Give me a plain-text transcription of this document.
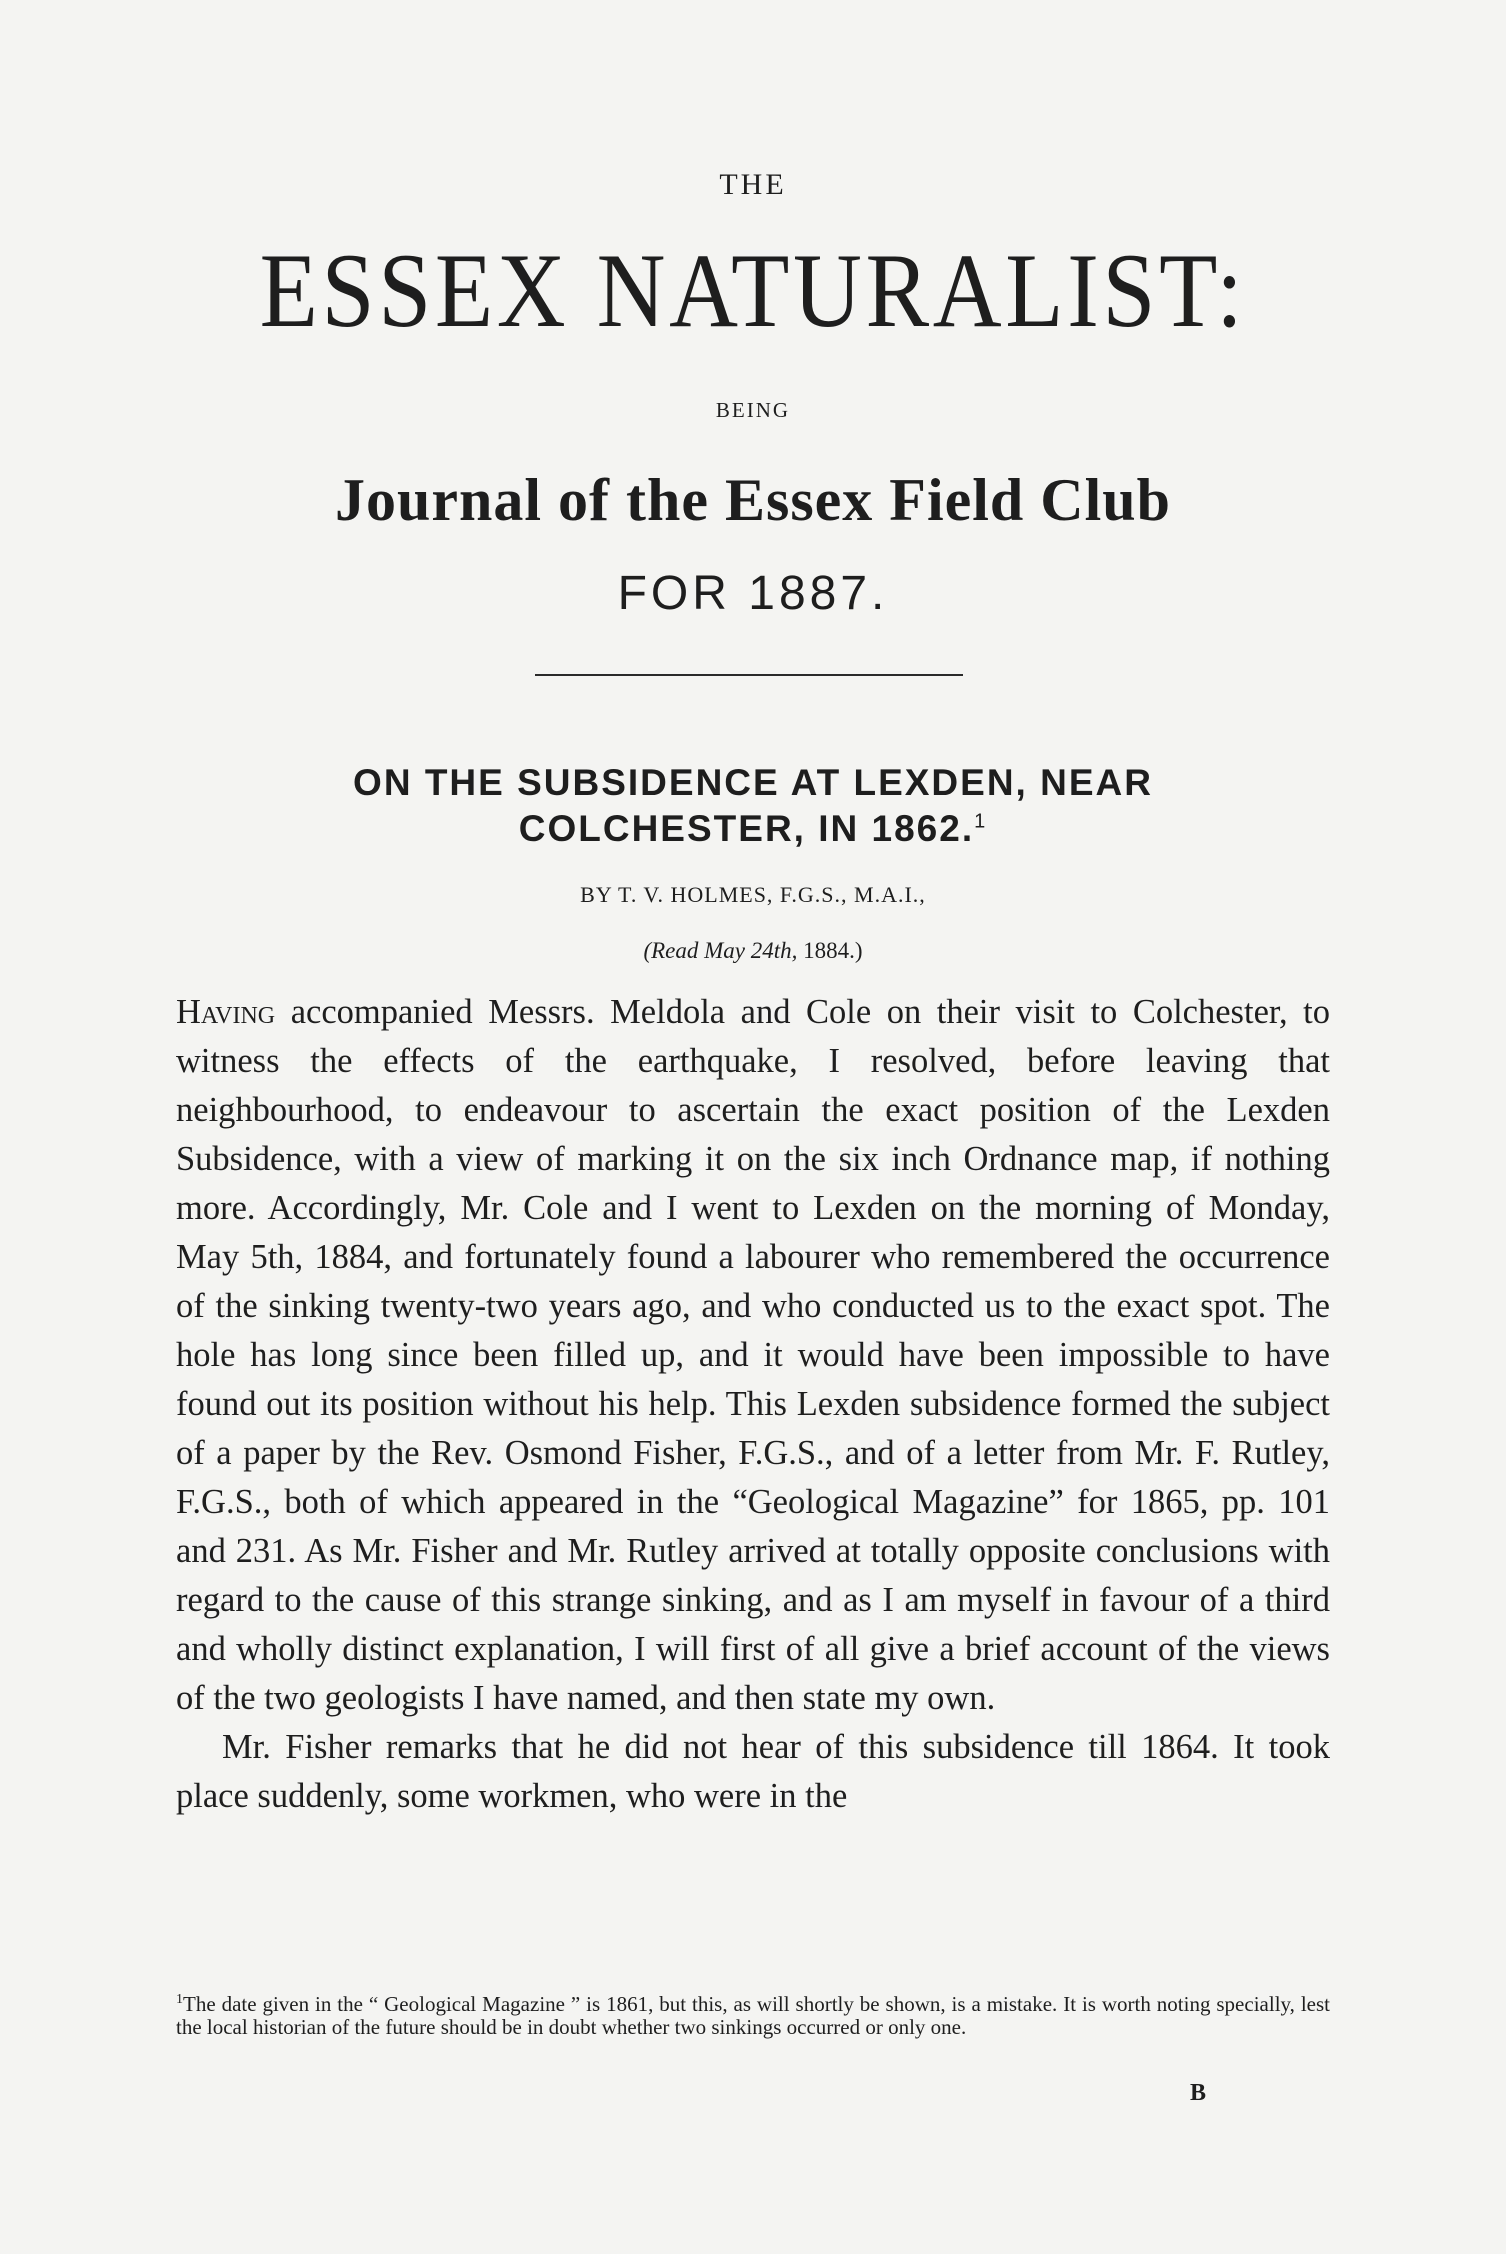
THE
ESSEX NATURALIST:
BEING
Journal of the Essex Field Club
FOR 1887.
ON THE SUBSIDENCE AT LEXDEN, NEAR
COLCHESTER, IN 1862.$^1$
BY T. V. HOLMES, F.G.S., M.A.I.,
(Read May 24th, 1884.)

Having accompanied Messrs. Meldola and Cole on their visit to Colchester, to witness the effects of the earthquake, I resolved, before leaving that neighbourhood, to endeavour to ascertain the exact position of the Lexden Subsidence, with a view of marking it on the six inch Ordnance map, if nothing more. Accordingly, Mr. Cole and I went to Lexden on the morning of Monday, May 5th, 1884, and fortunately found a labourer who remembered the occurrence of the sinking twenty-two years ago, and who conducted us to the exact spot. The hole has long since been filled up, and it would have been impossible to have found out its position without his help. This Lexden subsidence formed the subject of a paper by the Rev. Osmond Fisher, F.G.S., and of a letter from Mr. F. Rutley, F.G.S., both of which appeared in the “Geological Magazine” for 1865, pp. 101 and 231. As Mr. Fisher and Mr. Rutley arrived at totally opposite conclusions with regard to the cause of this strange sinking, and as I am myself in favour of a third and wholly distinct explanation, I will first of all give a brief account of the views of the two geologists I have named, and then state my own.

Mr. Fisher remarks that he did not hear of this subsidence till 1864. It took place suddenly, some workmen, who were in the

$^1$The date given in the “ Geological Magazine ” is 1861, but this, as will shortly be shown, is a mistake. It is worth noting specially, lest the local historian of the future should be in doubt whether two sinkings occurred or only one.
B
